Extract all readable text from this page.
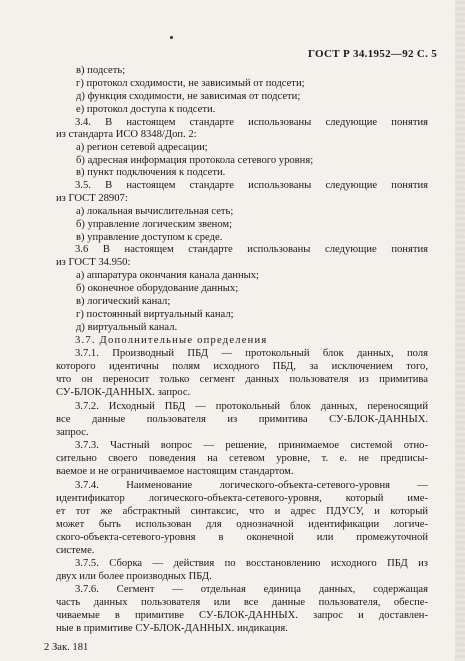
ГОСТ Р 34.1952—92 С. 5
в) подсеть;
г) протокол сходимости, не зависимый от подсети;
д) функция сходимости, не зависимая от подсети;
е) протокол доступа к подсети.
3.4. В настоящем стандарте использованы следующие понятия
из стандарта ИСО 8348/Доп. 2:
а) регион сетевой адресации;
б) адресная информация протокола сетевого уровня;
в) пункт подключения к подсети.
3.5. В настоящем стандарте использованы следующие понятия
из ГОСТ 28907:
а) локальная вычислительная сеть;
б) управление логическим звеном;
в) управление доступом к среде.
3.6 В настоящем стандарте использованы следующие понятия
из ГОСТ 34.950:
а) аппаратура окончания канала данных;
б) оконечное оборудование данных;
в) логический канал;
г) постоянный виртуальный канал;
д) виртуальный канал.
3.7. Дополнительные определения
3.7.1. Производный ПБД — протокольный блок данных, поля
которого идентичны полям исходного ПБД, за исключением того,
что он переносит только сегмент данных пользователя из примитива
СУ-БЛОК-ДАННЫХ. запрос.
3.7.2. Исходный ПБД — протокольный блок данных, переносящий
все данные пользователя из примитива СУ-БЛОК-ДАННЫХ.
запрос.
3.7.3. Частный вопрос — решение, принимаемое системой отно-
сительно своего поведения на сетевом уровне, т. е. не предписы-
ваемое и не ограничиваемое настоящим стандартом.
3.7.4. Наименование логического-объекта-сетевого-уровня —
идентификатор логического-объекта-сетевого-уровня, который име-
ет тот же абстрактный синтаксис, что и адрес ПДУСУ, и который
может быть использован для однозначной идентификации логиче-
ского-объекта-сетевого-уровня в оконечной или промежуточной
системе.
3.7.5. Сборка — действия по восстановлению исходного ПБД из
двух или более производных ПБД.
3.7.6. Сегмент — отдельная единица данных, содержащая
часть данных пользователя или все данные пользователя, обеспе-
чиваемые в примитиве СУ-БЛОК-ДАННЫХ. запрос и доставлен-
ные в примитиве СУ-БЛОК-ДАННЫХ. индикация.
2 Зак. 181
